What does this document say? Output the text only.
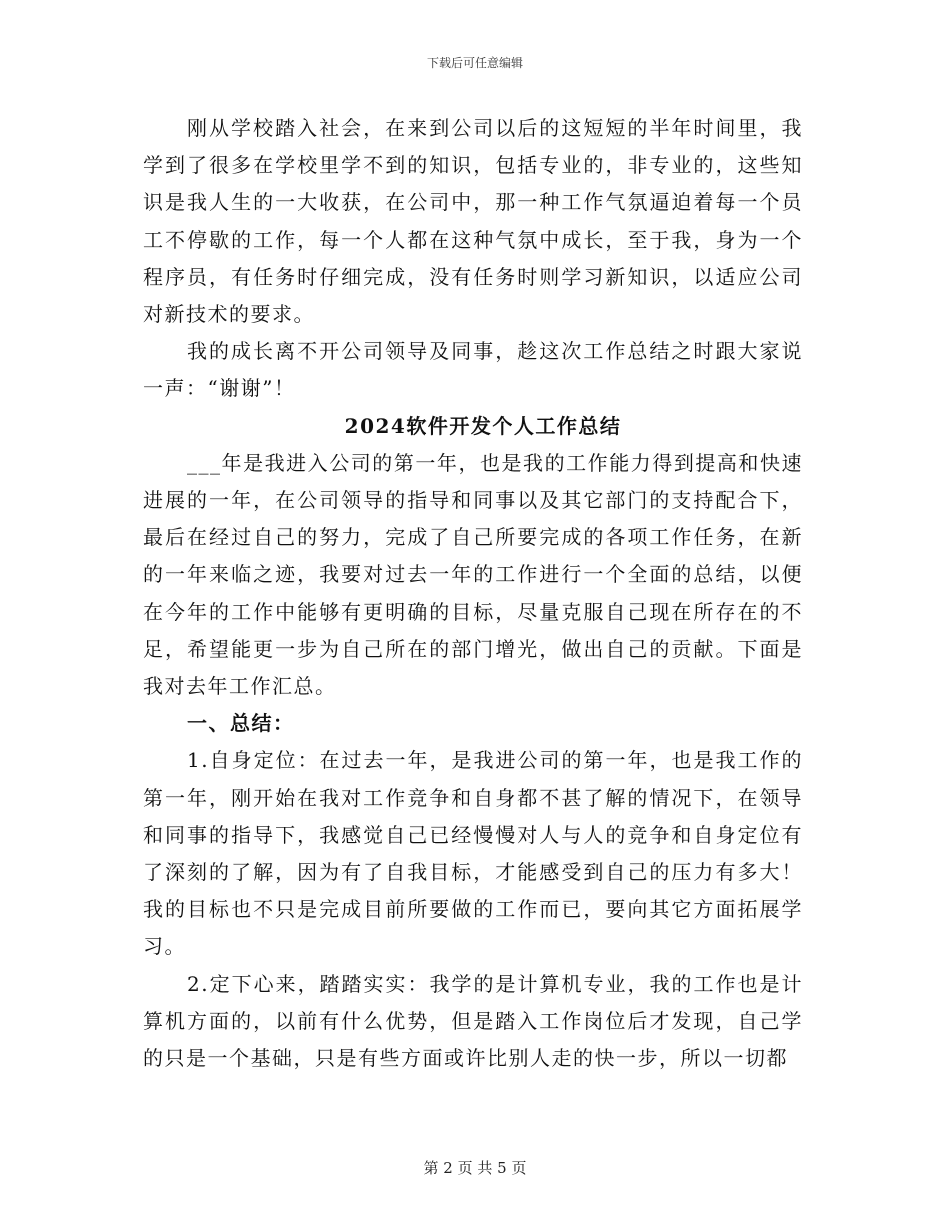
下载后可任意编辑

刚从学校踏入社会，在来到公司以后的这短短的半年时间里，我学到了很多在学校里学不到的知识，包括专业的，非专业的，这些知识是我人生的一大收获，在公司中，那一种工作气氛逼迫着每一个员工不停歇的工作，每一个人都在这种气氛中成长，至于我，身为一个程序员，有任务时仔细完成，没有任务时则学习新知识，以适应公司对新技术的要求。

我的成长离不开公司领导及同事，趁这次工作总结之时跟大家说一声：“谢谢”！

2024软件开发个人工作总结

___年是我进入公司的第一年，也是我的工作能力得到提高和快速进展的一年，在公司领导的指导和同事以及其它部门的支持配合下，最后在经过自己的努力，完成了自己所要完成的各项工作任务，在新的一年来临之迹，我要对过去一年的工作进行一个全面的总结，以便在今年的工作中能够有更明确的目标，尽量克服自己现在所存在的不足，希望能更一步为自己所在的部门增光，做出自己的贡献。下面是我对去年工作汇总。

一、总结：

1.自身定位：在过去一年，是我进公司的第一年，也是我工作的第一年，刚开始在我对工作竞争和自身都不甚了解的情况下，在领导和同事的指导下，我感觉自己已经慢慢对人与人的竞争和自身定位有了深刻的了解，因为有了自我目标，才能感受到自己的压力有多大！我的目标也不只是完成目前所要做的工作而已，要向其它方面拓展学习。

2.定下心来，踏踏实实：我学的是计算机专业，我的工作也是计算机方面的，以前有什么优势，但是踏入工作岗位后才发现，自己学的只是一个基础，只是有些方面或许比别人走的快一步，所以一切都

第 2 页 共 5 页
